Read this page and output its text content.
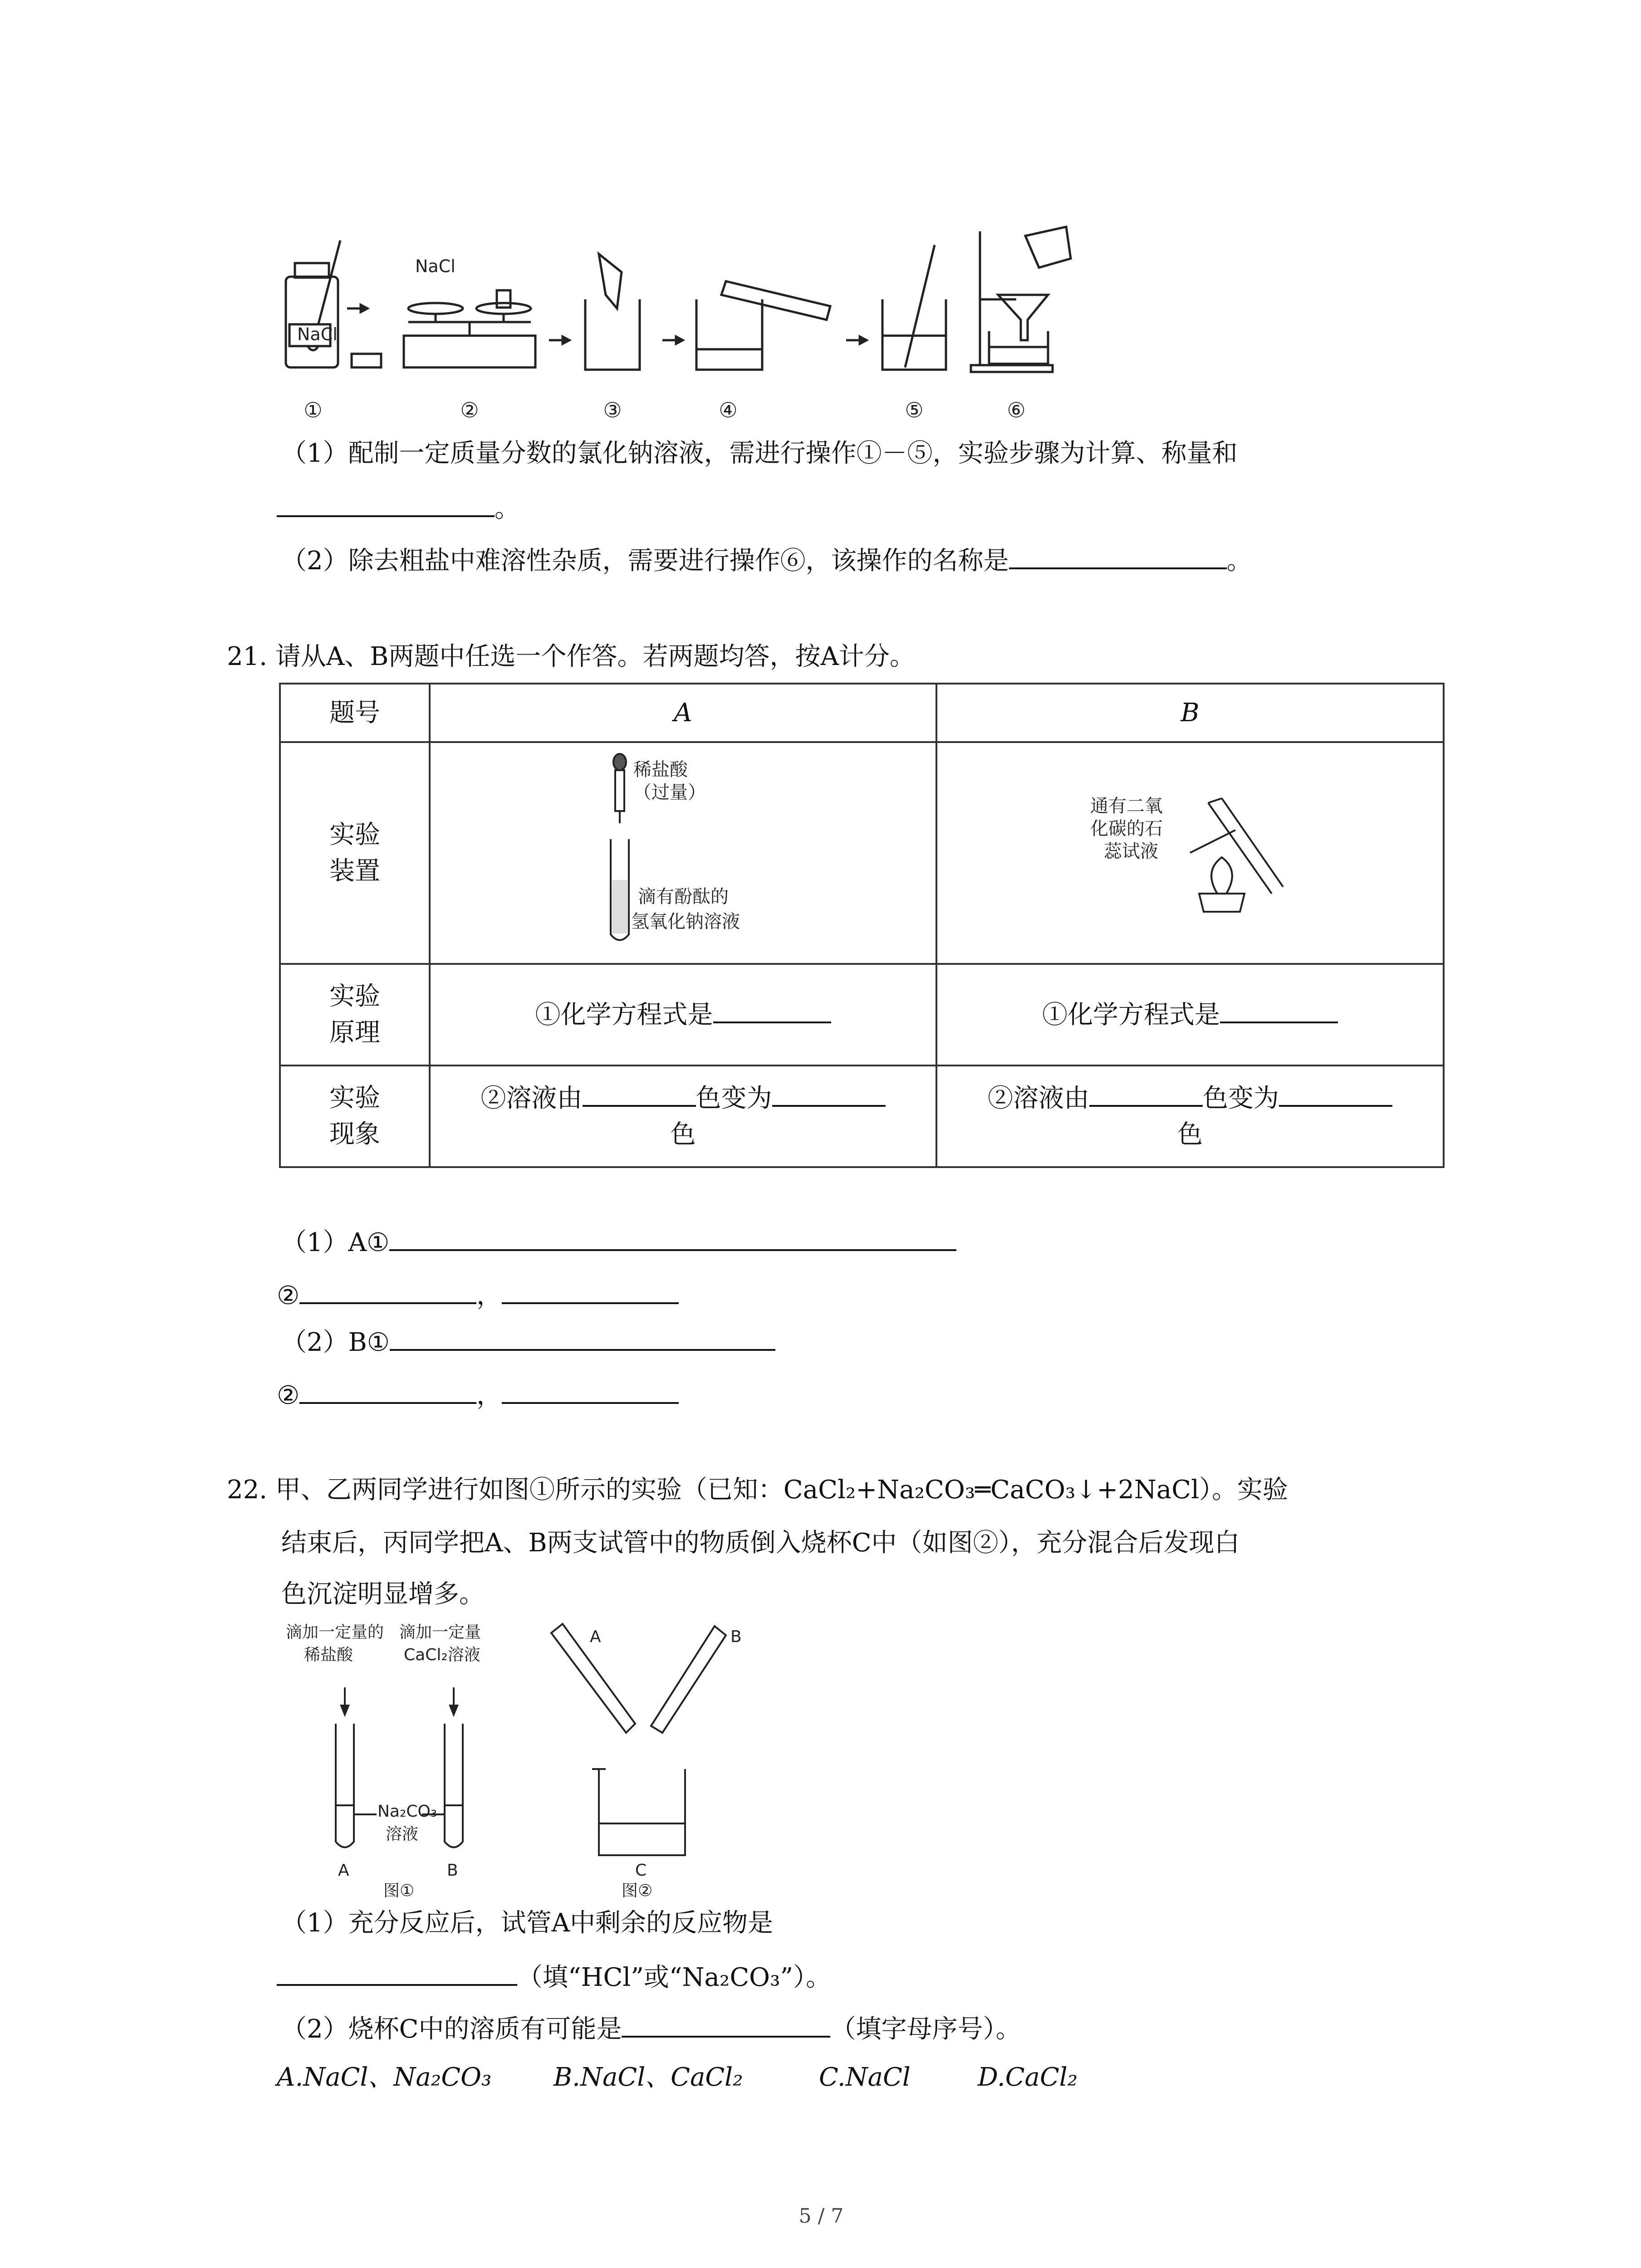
NaCl
NaCl
①	②	③	④	⑤	⑥
（1）配制一定质量分数的氯化钠溶液，需进行操作①－⑤，实验步骤为计算、称量和
。
（2）除去粗盐中难溶性杂质，需要进行操作⑥，该操作的名称是	。
21. 请从A、B两题中任选一个作答。若两题均答，按A计分。
题号	A	B
实验装置	稀盐酸
（过量）
滴有酚酞的
氢氧化钠溶液	通有二氧
化碳的石
蕊试液

实验原理	①化学方程式是	①化学方程式是
实验现象	②溶液由 色变为
色	②溶液由 色变为
色
（1）A①
②	，
（2）B①
②	，
22. 甲、乙两同学进行如图①所示的实验（已知：CaCl₂+Na₂CO₃═CaCO₃↓+2NaCl）。实验
结束后，丙同学把A、B两支试管中的物质倒入烧杯C中（如图②），充分混合后发现白
色沉淀明显增多。
滴加一定量的
稀盐酸
滴加一定量
CaCl₂溶液
Na₂CO₃
溶液
A	B
图①
A	B
C
图②
（1）充分反应后，试管A中剩余的反应物是
（填“HCl”或“Na₂CO₃”）。
（2）烧杯C中的溶质有可能是	（填字母序号）。
A.NaCl、Na₂CO₃ B.NaCl、CaCl₂	C.NaCl	D.CaCl₂
5 / 7
